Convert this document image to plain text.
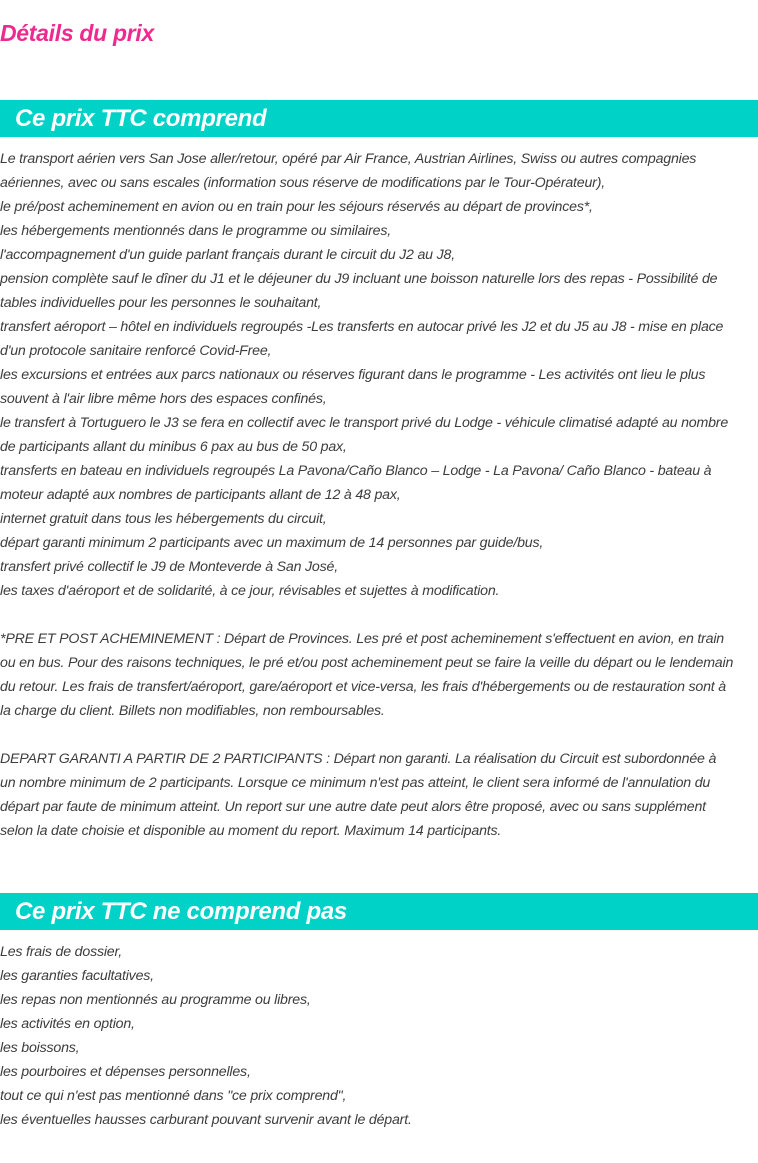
Détails du prix
Ce prix TTC comprend
Le transport aérien vers San Jose aller/retour, opéré par Air France, Austrian Airlines, Swiss ou autres compagnies
aériennes, avec ou sans escales (information sous réserve de modifications par le Tour-Opérateur),
le pré/post acheminement en avion ou en train pour les séjours réservés au départ de provinces*,
les hébergements mentionnés dans le programme ou similaires,
l'accompagnement d'un guide parlant français durant le circuit du J2 au J8,
pension complète sauf le dîner du J1 et le déjeuner du J9 incluant une boisson naturelle lors des repas - Possibilité de
tables individuelles pour les personnes le souhaitant,
transfert aéroport – hôtel en individuels regroupés -Les transferts en autocar privé les J2 et du J5 au J8 - mise en place
d'un protocole sanitaire renforcé Covid-Free,
les excursions et entrées aux parcs nationaux ou réserves figurant dans le programme - Les activités ont lieu le plus
souvent à l'air libre même hors des espaces confinés,
le transfert à Tortuguero le J3 se fera en collectif avec le transport privé du Lodge - véhicule climatisé adapté au nombre
de participants allant du minibus 6 pax au bus de 50 pax,
transferts en bateau en individuels regroupés La Pavona/Caño Blanco – Lodge - La Pavona/ Caño Blanco - bateau à
moteur adapté aux nombres de participants allant de 12 à 48 pax,
internet gratuit dans tous les hébergements du circuit,
départ garanti minimum 2 participants avec un maximum de 14 personnes par guide/bus,
transfert privé collectif le J9 de Monteverde à San José,
les taxes d'aéroport et de solidarité, à ce jour, révisables et sujettes à modification.
*PRE ET POST ACHEMINEMENT : Départ de Provinces. Les pré et post acheminement s'effectuent en avion, en train
ou en bus. Pour des raisons techniques, le pré et/ou post acheminement peut se faire la veille du départ ou le lendemain
du retour. Les frais de transfert/aéroport, gare/aéroport et vice-versa, les frais d'hébergements ou de restauration sont à
la charge du client. Billets non modifiables, non remboursables.
DEPART GARANTI A PARTIR DE 2 PARTICIPANTS : Départ non garanti. La réalisation du Circuit est subordonnée à
un nombre minimum de 2 participants. Lorsque ce minimum n'est pas atteint, le client sera informé de l'annulation du
départ par faute de minimum atteint. Un report sur une autre date peut alors être proposé, avec ou sans supplément
selon la date choisie et disponible au moment du report. Maximum 14 participants.
Ce prix TTC ne comprend pas
Les frais de dossier,
les garanties facultatives,
les repas non mentionnés au programme ou libres,
les activités en option,
les boissons,
les pourboires et dépenses personnelles,
tout ce qui n'est pas mentionné dans "ce prix comprend",
les éventuelles hausses carburant pouvant survenir avant le départ.
